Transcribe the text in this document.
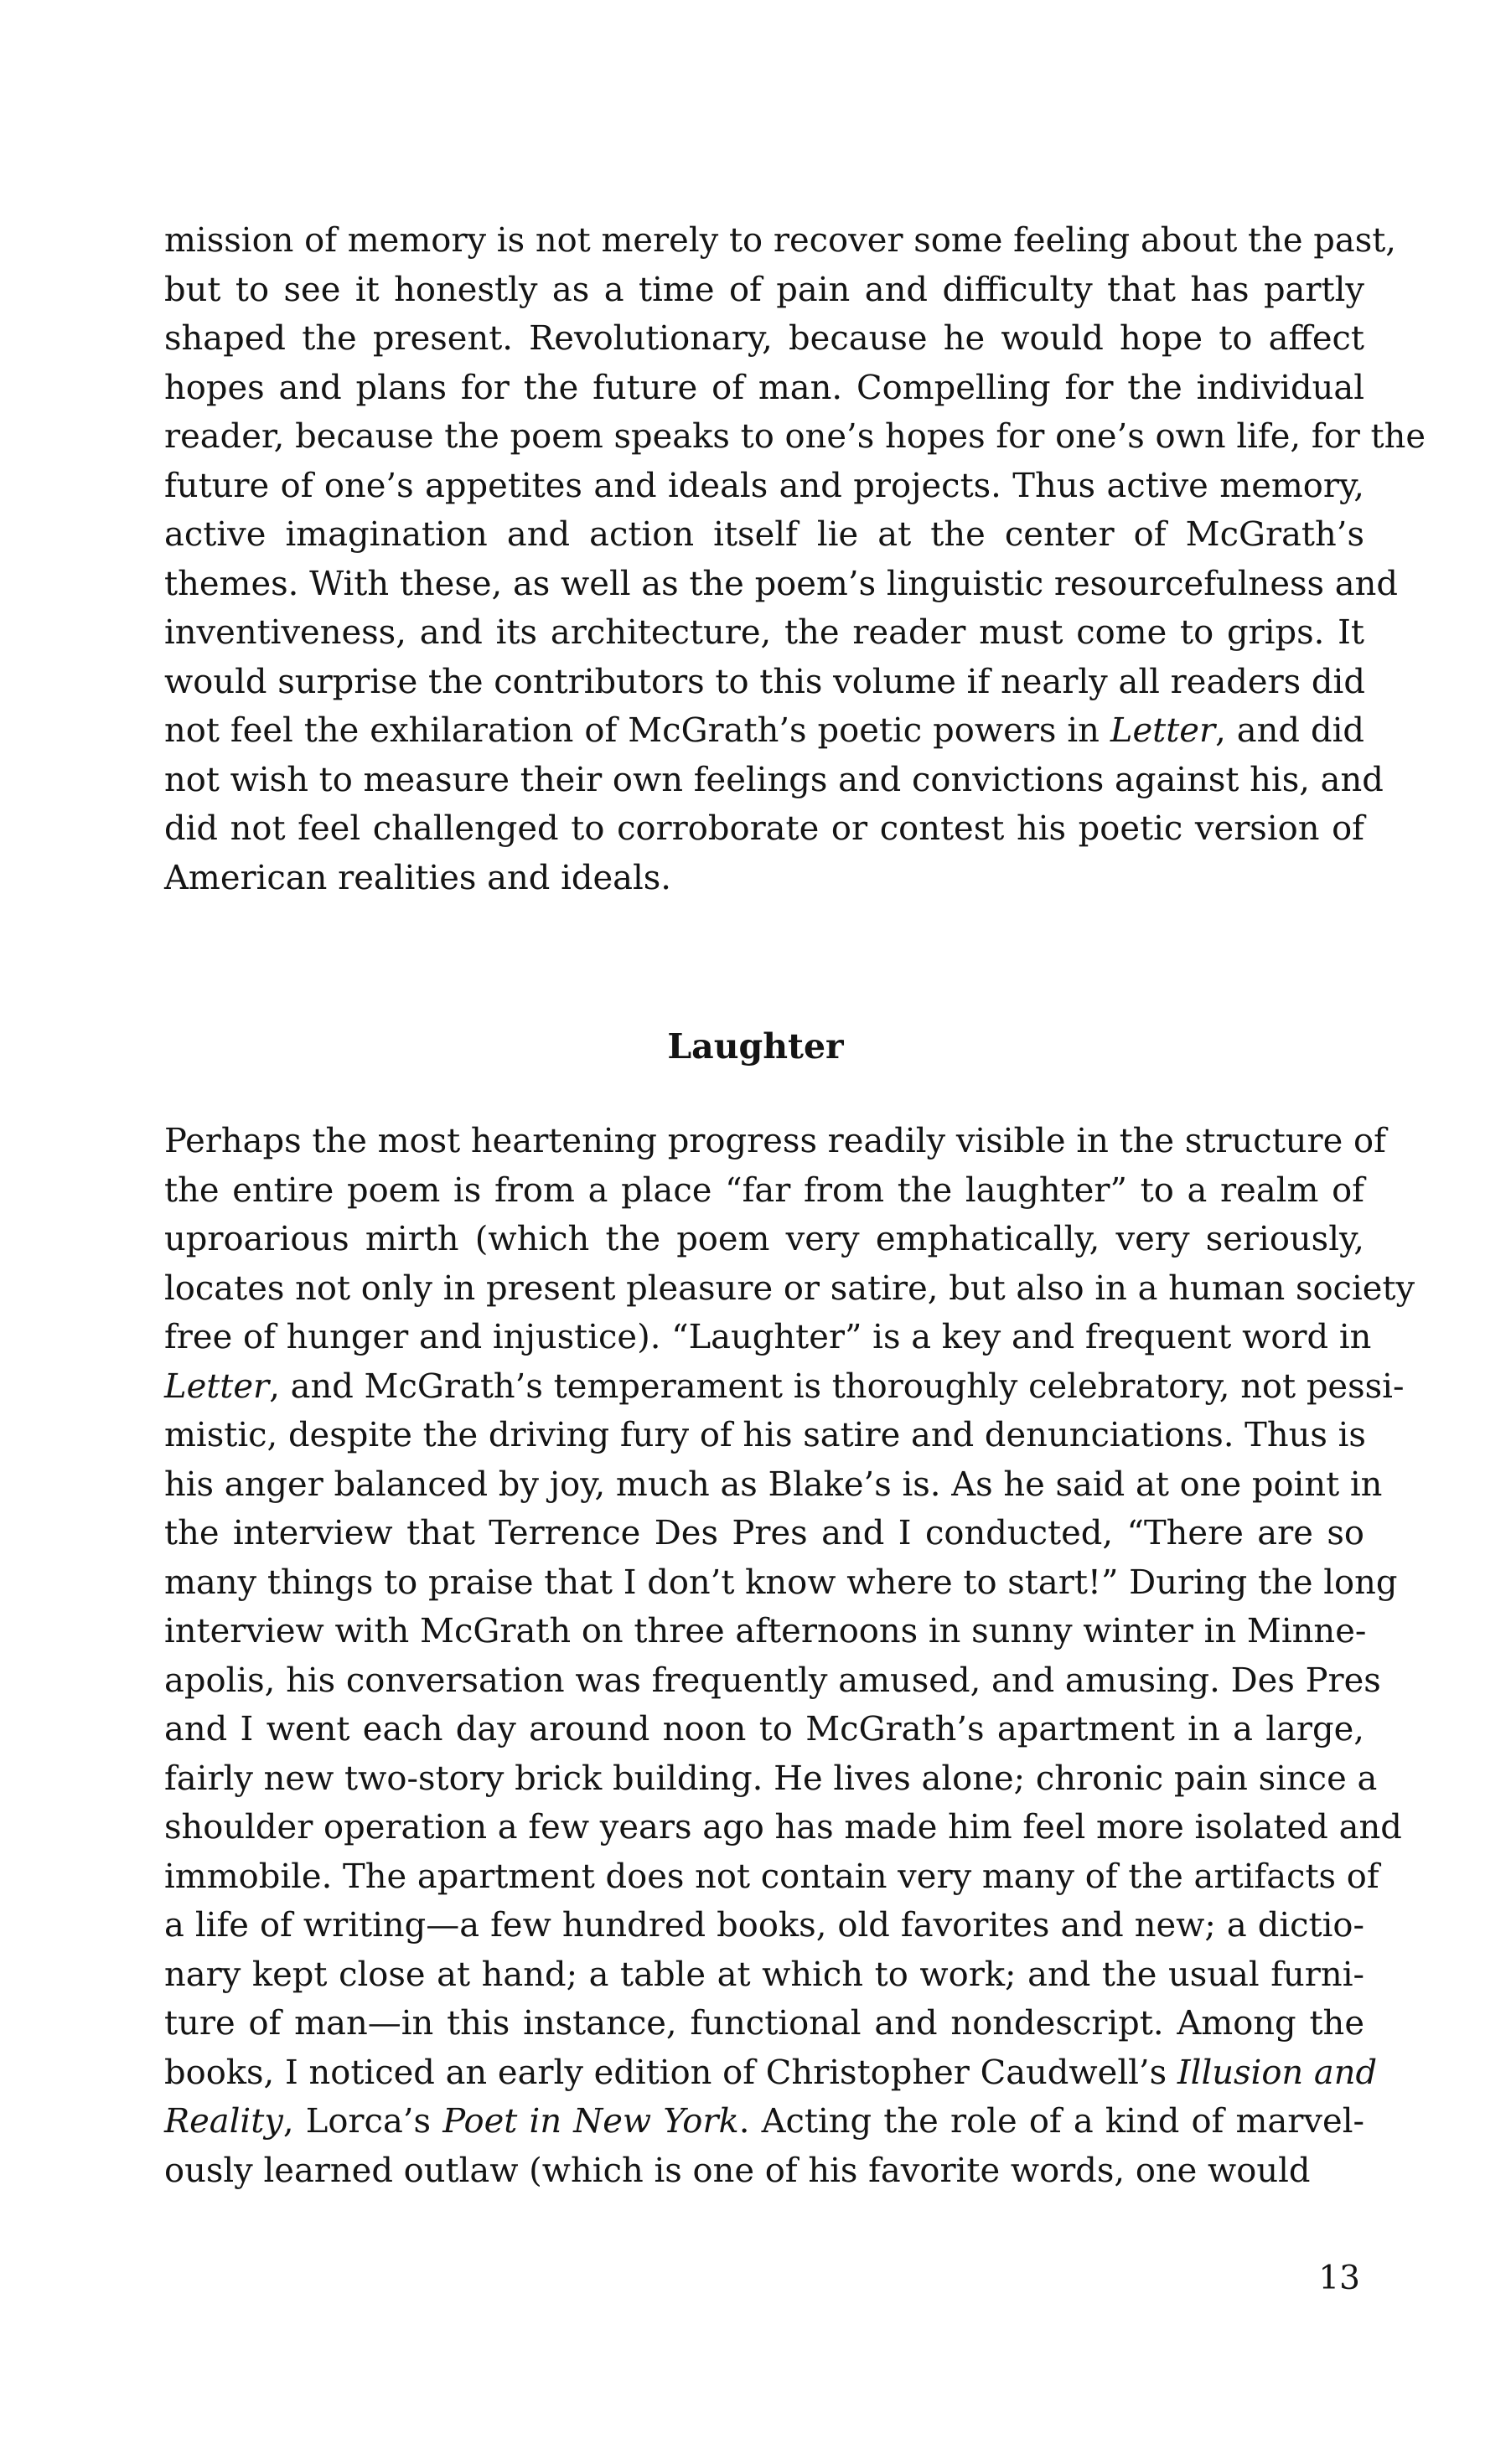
mission of memory is not merely to recover some feeling about the past,
but to see it honestly as a time of pain and difficulty that has partly
shaped the present. Revolutionary, because he would hope to affect
hopes and plans for the future of man. Compelling for the individual
reader, because the poem speaks to one’s hopes for one’s own life, for the
future of one’s appetites and ideals and projects. Thus active memory,
active imagination and action itself lie at the center of McGrath’s
themes. With these, as well as the poem’s linguistic resourcefulness and
inventiveness, and its architecture, the reader must come to grips. It
would surprise the contributors to this volume if nearly all readers did
not feel the exhilaration of McGrath’s poetic powers in Letter, and did
not wish to measure their own feelings and convictions against his, and
did not feel challenged to corroborate or contest his poetic version of
American realities and ideals.
Laughter
Perhaps the most heartening progress readily visible in the structure of
the entire poem is from a place “far from the laughter” to a realm of
uproarious mirth (which the poem very emphatically, very seriously,
locates not only in present pleasure or satire, but also in a human society
free of hunger and injustice). “Laughter” is a key and frequent word in
Letter, and McGrath’s temperament is thoroughly celebratory, not pessi-
mistic, despite the driving fury of his satire and denunciations. Thus is
his anger balanced by joy, much as Blake’s is. As he said at one point in
the interview that Terrence Des Pres and I conducted, “There are so
many things to praise that I don’t know where to start!” During the long
interview with McGrath on three afternoons in sunny winter in Minne-
apolis, his conversation was frequently amused, and amusing. Des Pres
and I went each day around noon to McGrath’s apartment in a large,
fairly new two-story brick building. He lives alone; chronic pain since a
shoulder operation a few years ago has made him feel more isolated and
immobile. The apartment does not contain very many of the artifacts of
a life of writing—a few hundred books, old favorites and new; a dictio-
nary kept close at hand; a table at which to work; and the usual furni-
ture of man—in this instance, functional and nondescript. Among the
books, I noticed an early edition of Christopher Caudwell’s Illusion and
Reality, Lorca’s Poet in New York. Acting the role of a kind of marvel-
ously learned outlaw (which is one of his favorite words, one would
13
